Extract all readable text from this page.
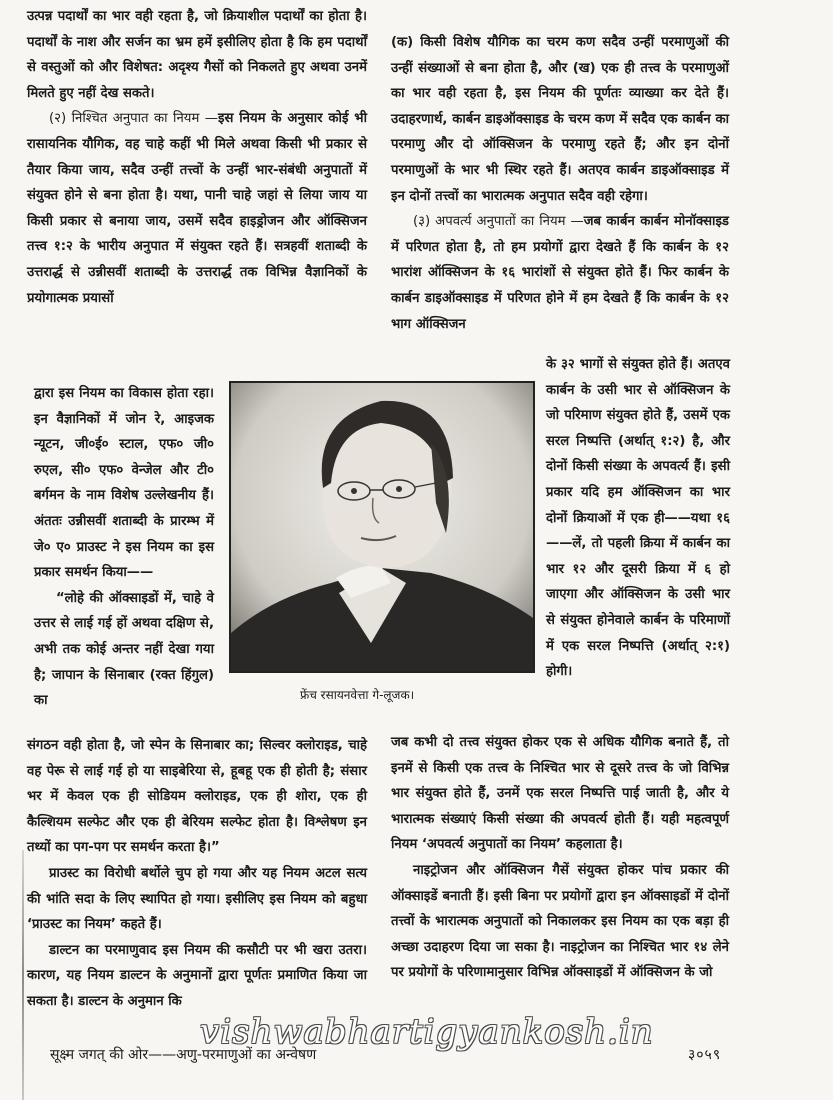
उत्पन्न पदार्थों का भार वही रहता है, जो क्रियाशील पदार्थों का होता है। पदार्थों के नाश और सर्जन का भ्रम हमें इसीलिए होता है कि हम पदार्थों से वस्तुओं को और विशेषत: अदृश्य गैसों को निकलते हुए अथवा उनमें मिलते हुए नहीं देख सकते।

(२) निश्चित अनुपात का नियम —इस नियम के अनुसार कोई भी रासायनिक यौगिक, वह चाहे कहीं भी मिले अथवा किसी भी प्रकार से तैयार किया जाय, सदैव उन्हीं तत्त्वों के उन्हीं भार-संबंधी अनुपातों में संयुक्त होने से बना होता है। यथा, पानी चाहे जहां से लिया जाय या किसी प्रकार से बनाया जाय, उसमें सदैव हाइड्रोजन और ऑक्सिजन तत्त्व १:२ के भारीय अनुपात में संयुक्त रहते हैं। सत्रहवीं शताब्दी के उत्तरार्द्ध से उन्नीसवीं शताब्दी के उत्तरार्द्ध तक विभिन्न वैज्ञानिकों के प्रयोगात्मक प्रयासों

द्वारा इस नियम का विकास होता रहा। इन वैज्ञानिकों में जोन रे, आइजक न्यूटन, जी०ई० स्टाल, एफ० जी० रुएल, सी० एफ० वेन्जेल और टी० बर्गमन के नाम विशेष उल्लेखनीय हैं। अंततः उन्नीसवीं शताब्दी के प्रारम्भ में जे० ए० प्राउस्ट ने इस नियम का इस प्रकार समर्थन किया——

“लोहे की ऑक्साइडों में, चाहे वे उत्तर से लाई गई हों अथवा दक्षिण से, अभी तक कोई अन्तर नहीं देखा गया है; जापान के सिनाबार (रक्त हिंगुल) का

संगठन वही होता है, जो स्पेन के सिनाबार का; सिल्वर क्लोराइड, चाहे वह पेरू से लाई गई हो या साइबेरिया से, हूबहू एक ही होती है; संसार भर में केवल एक ही सोडियम क्लोराइड, एक ही शोरा, एक ही कैल्शियम सल्फेट और एक ही बेरियम सल्फेट होता है। विश्लेषण इन तथ्यों का पग-पग पर समर्थन करता है।”

प्राउस्ट का विरोधी बर्थोले चुप हो गया और यह नियम अटल सत्य की भांति सदा के लिए स्थापित हो गया। इसीलिए इस नियम को बहुधा ‘प्राउस्ट का नियम’ कहते हैं।

डाल्टन का परमाणुवाद इस नियम की कसौटी पर भी खरा उतरा। कारण, यह नियम डाल्टन के अनुमानों द्वारा पूर्णतः प्रमाणित किया जा सकता है। डाल्टन के अनुमान कि

(क) किसी विशेष यौगिक का चरम कण सदैव उन्हीं परमाणुओं की उन्हीं संख्याओं से बना होता है, और (ख) एक ही तत्त्व के परमाणुओं का भार वही रहता है, इस नियम की पूर्णतः व्याख्या कर देते हैं। उदाहरणार्थ, कार्बन डाइऑक्साइड के चरम कण में सदैव एक कार्बन का परमाणु और दो ऑक्सिजन के परमाणु रहते हैं; और इन दोनों परमाणुओं के भार भी स्थिर रहते हैं। अतएव कार्बन डाइऑक्साइड में इन दोनों तत्त्वों का भारात्मक अनुपात सदैव वही रहेगा।

(३) अपवर्त्य अनुपातों का नियम —जब कार्बन कार्बन मोनॉक्साइड में परिणत होता है, तो हम प्रयोगों द्वारा देखते हैं कि कार्बन के १२ भारांश ऑक्सिजन के १६ भारांशों से संयुक्त होते हैं। फिर कार्बन के कार्बन डाइऑक्साइड में परिणत होने में हम देखते हैं कि कार्बन के १२ भाग ऑक्सिजन

के ३२ भागों से संयुक्त होते हैं। अतएव कार्बन के उसी भार से ऑक्सिजन के जो परिमाण संयुक्त होते हैं, उसमें एक सरल निष्पत्ति (अर्थात् १:२) है, और दोनों किसी संख्या के अपवर्त्य हैं। इसी प्रकार यदि हम ऑक्सिजन का भार दोनों क्रियाओं में एक ही——यथा १६——लें, तो पहली क्रिया में कार्बन का भार १२ और दूसरी क्रिया में ६ हो जाएगा और ऑक्सिजन के उसी भार से संयुक्त होनेवाले कार्बन के परिमाणों में एक सरल निष्पत्ति (अर्थात् २:१) होगी।

जब कभी दो तत्त्व संयुक्त होकर एक से अधिक यौगिक बनाते हैं, तो इनमें से किसी एक तत्त्व के निश्चित भार से दूसरे तत्त्व के जो विभिन्न भार संयुक्त होते हैं, उनमें एक सरल निष्पत्ति पाई जाती है, और ये भारात्मक संख्याएं किसी संख्या की अपवर्त्य होती हैं। यही महत्वपूर्ण नियम ‘अपवर्त्य अनुपातों का नियम’ कहलाता है।

नाइट्रोजन और ऑक्सिजन गैसें संयुक्त होकर पांच प्रकार की ऑक्साइडें बनाती हैं। इसी बिना पर प्रयोगों द्वारा इन ऑक्साइडों में दोनों तत्त्वों के भारात्मक अनुपातों को निकालकर इस नियम का एक बड़ा ही अच्छा उदाहरण दिया जा सका है। नाइट्रोजन का निश्चित भार १४ लेने पर प्रयोगों के परिणामानुसार विभिन्न ऑक्साइडों में ऑक्सिजन के जो

फ्रेंच रसायनवेत्ता गे-लूजक।
सूक्ष्म जगत् की ओर——अणु-परमाणुओं का अन्वेषण	३०५९
vishwabhartigyankosh.in
